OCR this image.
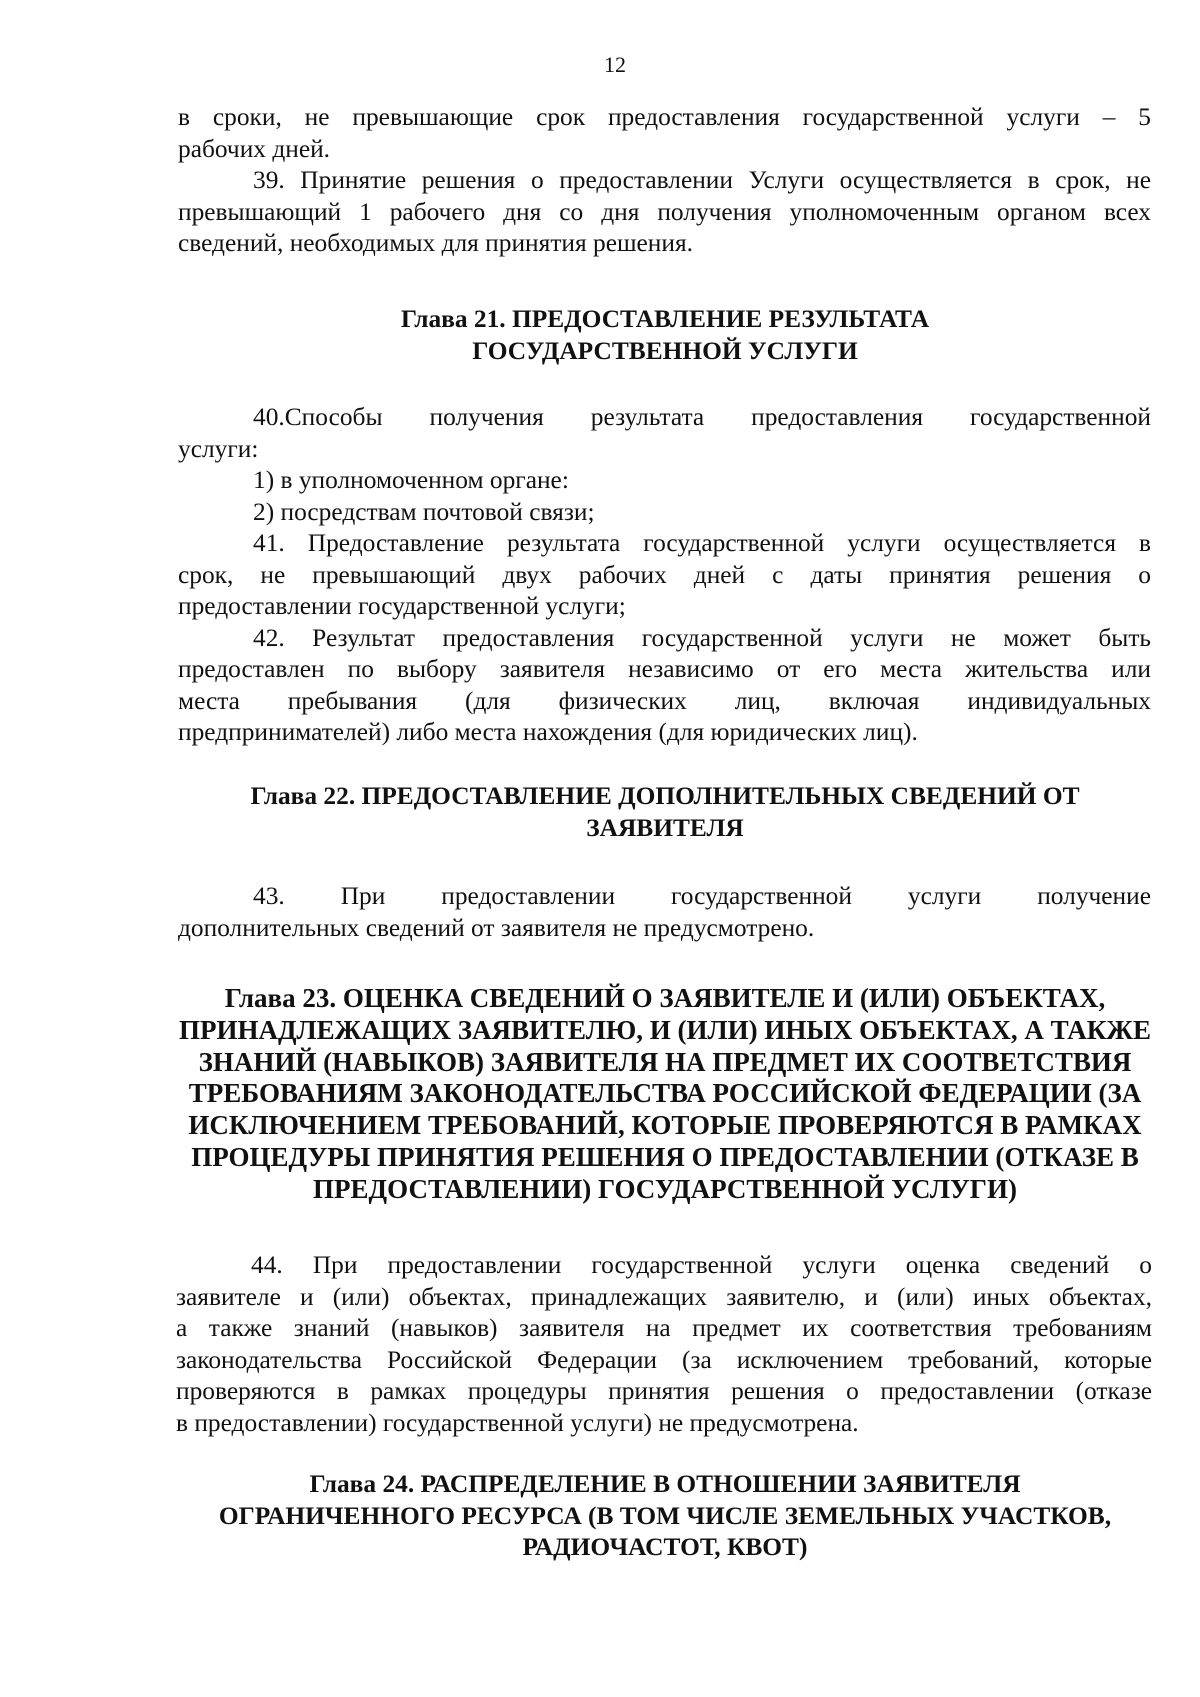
12
в сроки, не превышающие срок предоставления государственной услуги – 5
рабочих дней.
39. Принятие решения о предоставлении Услуги осуществляется в срок, не
превышающий 1 рабочего дня со дня получения уполномоченным органом всех
сведений, необходимых для принятия решения.
Глава 21. ПРЕДОСТАВЛЕНИЕ РЕЗУЛЬТАТА
ГОСУДАРСТВЕННОЙ УСЛУГИ
40.Способы получения результата предоставления государственной
услуги:
1) в уполномоченном органе:
2) посредствам почтовой связи;
41. Предоставление результата государственной услуги осуществляется в
срок, не превышающий двух рабочих дней с даты принятия решения о
предоставлении государственной услуги;
42. Результат предоставления государственной услуги не может быть
предоставлен по выбору заявителя независимо от его места жительства или
места пребывания (для физических лиц, включая индивидуальных
предпринимателей) либо места нахождения (для юридических лиц).
Глава 22. ПРЕДОСТАВЛЕНИЕ ДОПОЛНИТЕЛЬНЫХ СВЕДЕНИЙ ОТ
ЗАЯВИТЕЛЯ
43. При предоставлении государственной услуги получение
дополнительных сведений от заявителя не предусмотрено.
Глава 23. ОЦЕНКА СВЕДЕНИЙ О ЗАЯВИТЕЛЕ И (ИЛИ) ОБЪЕКТАХ,
ПРИНАДЛЕЖАЩИХ ЗАЯВИТЕЛЮ, И (ИЛИ) ИНЫХ ОБЪЕКТАХ, А ТАКЖЕ
ЗНАНИЙ (НАВЫКОВ) ЗАЯВИТЕЛЯ НА ПРЕДМЕТ ИХ СООТВЕТСТВИЯ
ТРЕБОВАНИЯМ ЗАКОНОДАТЕЛЬСТВА РОССИЙСКОЙ ФЕДЕРАЦИИ (ЗА
ИСКЛЮЧЕНИЕМ ТРЕБОВАНИЙ, КОТОРЫЕ ПРОВЕРЯЮТСЯ В РАМКАХ
ПРОЦЕДУРЫ ПРИНЯТИЯ РЕШЕНИЯ О ПРЕДОСТАВЛЕНИИ (ОТКАЗЕ В
ПРЕДОСТАВЛЕНИИ) ГОСУДАРСТВЕННОЙ УСЛУГИ)
44. При предоставлении государственной услуги оценка сведений о
заявителе и (или) объектах, принадлежащих заявителю, и (или) иных объектах,
а также знаний (навыков) заявителя на предмет их соответствия требованиям
законодательства Российской Федерации (за исключением требований, которые
проверяются в рамках процедуры принятия решения о предоставлении (отказе
в предоставлении) государственной услуги) не предусмотрена.
Глава 24. РАСПРЕДЕЛЕНИЕ В ОТНОШЕНИИ ЗАЯВИТЕЛЯ
ОГРАНИЧЕННОГО РЕСУРСА (В ТОМ ЧИСЛЕ ЗЕМЕЛЬНЫХ УЧАСТКОВ,
РАДИОЧАСТОТ, КВОТ)
